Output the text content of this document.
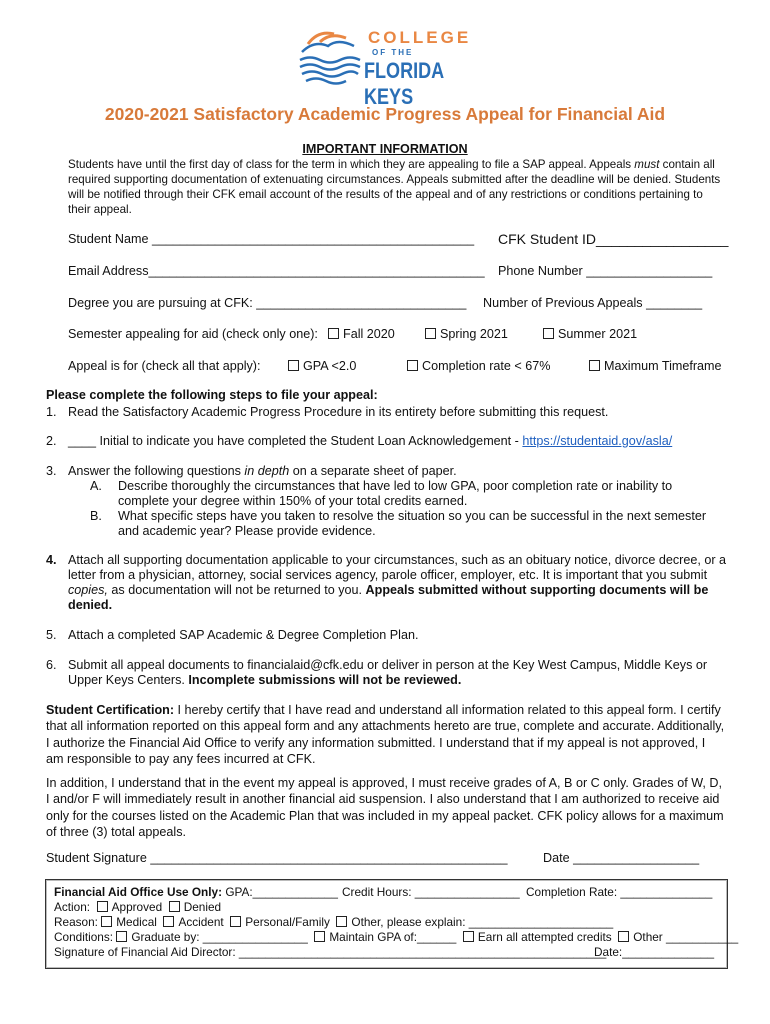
COLLEGE
OF THE
FLORIDA KEYS
2020-2021 Satisfactory Academic Progress Appeal for Financial Aid
IMPORTANT INFORMATION
Students have until the first day of class for the term in which they are appealing to file a SAP appeal. Appeals must contain all required supporting documentation of extenuating circumstances. Appeals submitted after the deadline will be denied. Students will be notified through their CFK email account of the results of the appeal and of any restrictions or conditions pertaining to their appeal.
Student Name ______________________________________________ CFK Student ID_________________
Email Address________________________________________________ Phone Number __________________
Degree you are pursuing at CFK: ______________________________ Number of Previous Appeals ________
Semester appealing for aid (check only one):	Fall 2020	Spring 2021	Summer 2021
Appeal is for (check all that apply):	GPA <2.0	Completion rate < 67%	Maximum Timeframe
Please complete the following steps to file your appeal:
1. Read the Satisfactory Academic Progress Procedure in its entirety before submitting this request.
2. ____ Initial to indicate you have completed the Student Loan Acknowledgement - https://studentaid.gov/asla/
3. Answer the following questions in depth on a separate sheet of paper.
A. Describe thoroughly the circumstances that have led to low GPA, poor completion rate or inability to complete your degree within 150% of your total credits earned.
B. What specific steps have you taken to resolve the situation so you can be successful in the next semester and academic year? Please provide evidence.
4. Attach all supporting documentation applicable to your circumstances, such as an obituary notice, divorce decree, or a letter from a physician, attorney, social services agency, parole officer, employer, etc. It is important that you submit copies, as documentation will not be returned to you. Appeals submitted without supporting documents will be denied.
5. Attach a completed SAP Academic & Degree Completion Plan.
6. Submit all appeal documents to financialaid@cfk.edu or deliver in person at the Key West Campus, Middle Keys or Upper Keys Centers. Incomplete submissions will not be reviewed.
Student Certification: I hereby certify that I have read and understand all information related to this appeal form. I certify that all information reported on this appeal form and any attachments hereto are true, complete and accurate. Additionally, I authorize the Financial Aid Office to verify any information submitted. I understand that if my appeal is not approved, I am responsible to pay any fees incurred at CFK.
In addition, I understand that in the event my appeal is approved, I must receive grades of A, B or C only. Grades of W, D, I and/or F will immediately result in another financial aid suspension. I also understand that I am authorized to receive aid only for the courses listed on the Academic Plan that was included in my appeal packet. CFK policy allows for a maximum of three (3) total appeals.
Student Signature ___________________________________________________	Date __________________
Financial Aid Office Use Only: GPA:_____________ Credit Hours: ________________ Completion Rate: ______________
Action: Approved Denied
Reason: Medical Accident Personal/Family Other, please explain: ______________________
Conditions: Graduate by: ________________ Maintain GPA of:______ Earn all attempted credits Other ___________
Signature of Financial Aid Director: ________________________________________________________
Date:______________
